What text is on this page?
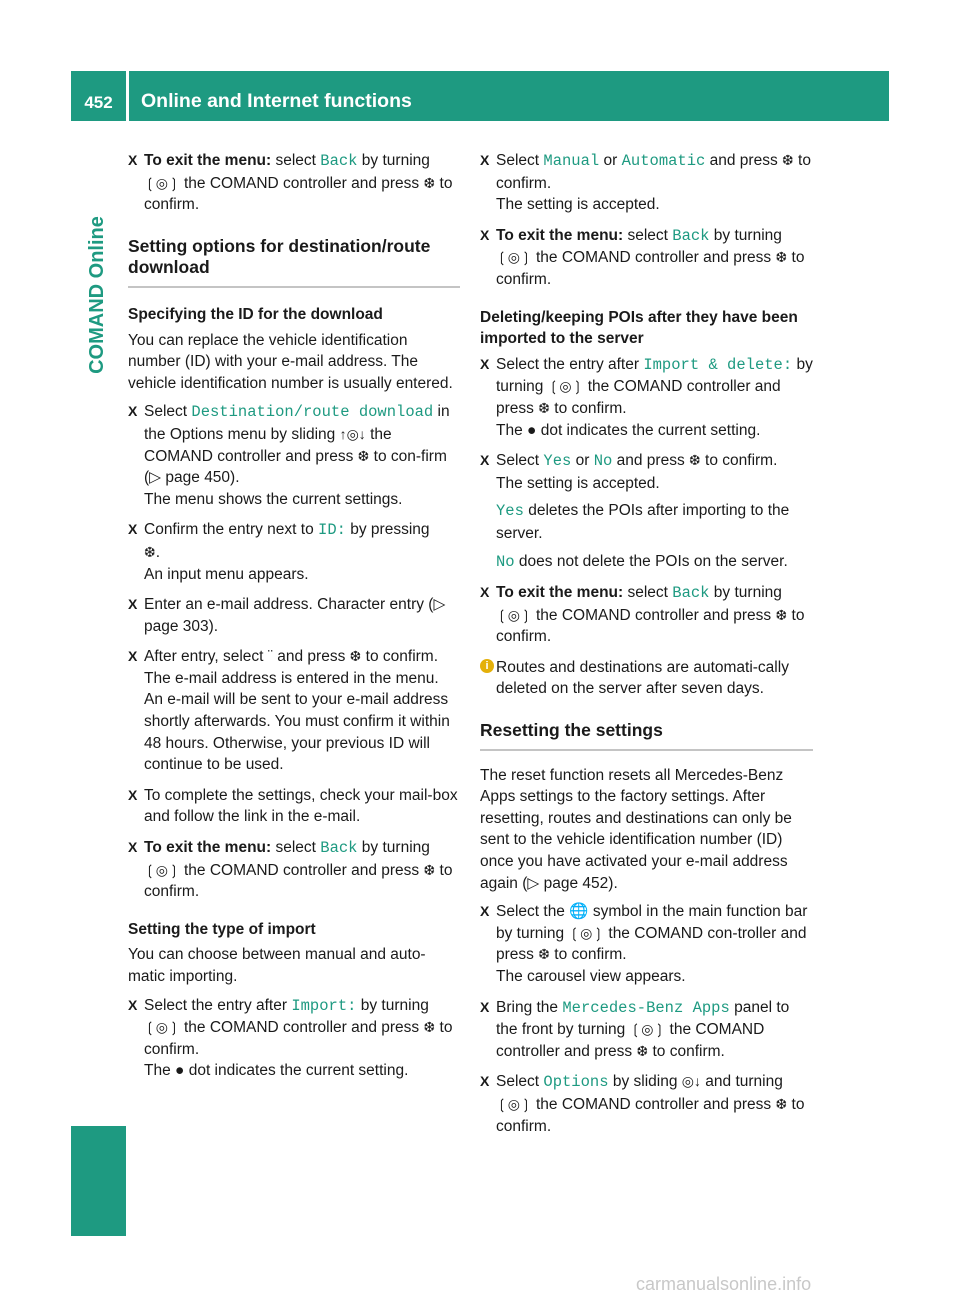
452	Online and Internet functions
COMAND Online
X To exit the menu: select Back by turning ❲◎❳ the COMAND controller and press ❆ to confirm.

Setting options for destination/route download
Specifying the ID for the download

You can replace the vehicle identification number (ID) with your e-mail address. The vehicle identification number is usually entered.

X Select Destination/route download in the Options menu by sliding ↑◎↓ the COMAND controller and press ❆ to con-firm (▷ page 450).
The menu shows the current settings.

X Confirm the entry next to ID: by pressing
❆.
An input menu appears.

X Enter an e-mail address. Character entry (▷ page 303).

X After entry, select ¨ and press ❆ to confirm.
The e-mail address is entered in the menu. An e-mail will be sent to your e-mail address shortly afterwards. You must confirm it within 48 hours. Otherwise, your previous ID will continue to be used.

X To complete the settings, check your mail-box and follow the link in the e-mail.

X To exit the menu: select Back by turning ❲◎❳ the COMAND controller and press ❆ to confirm.

Setting the type of import

You can choose between manual and auto-matic importing.

X Select the entry after Import: by turning ❲◎❳ the COMAND controller and press ❆ to confirm.
The ● dot indicates the current setting.

X Select Manual or Automatic and press ❆ to confirm.
The setting is accepted.

X To exit the menu: select Back by turning ❲◎❳ the COMAND controller and press ❆ to confirm.

Deleting/keeping POIs after they have been imported to the server
X Select the entry after Import & delete: by turning ❲◎❳ the COMAND controller and press ❆ to confirm.
The ● dot indicates the current setting.

X Select Yes or No and press ❆ to confirm.
The setting is accepted.

Yes deletes the POIs after importing to the server.

No does not delete the POIs on the server.

X To exit the menu: select Back by turning ❲◎❳ the COMAND controller and press ❆ to confirm.

i Routes and destinations are automati-cally deleted on the server after seven days.
Resetting the settings

The reset function resets all Mercedes-Benz Apps settings to the factory settings. After resetting, routes and destinations can only be sent to the vehicle identification number (ID) once you have activated your e-mail address again (▷ page 452).

X Select the 🌐 symbol in the main function bar by turning ❲◎❳ the COMAND con-troller and press ❆ to confirm.
The carousel view appears.

X Bring the Mercedes-Benz Apps panel to the front by turning ❲◎❳ the COMAND controller and press ❆ to confirm.

X Select Options by sliding ◎↓ and turning ❲◎❳ the COMAND controller and press ❆ to confirm.

carmanualsonline.info
